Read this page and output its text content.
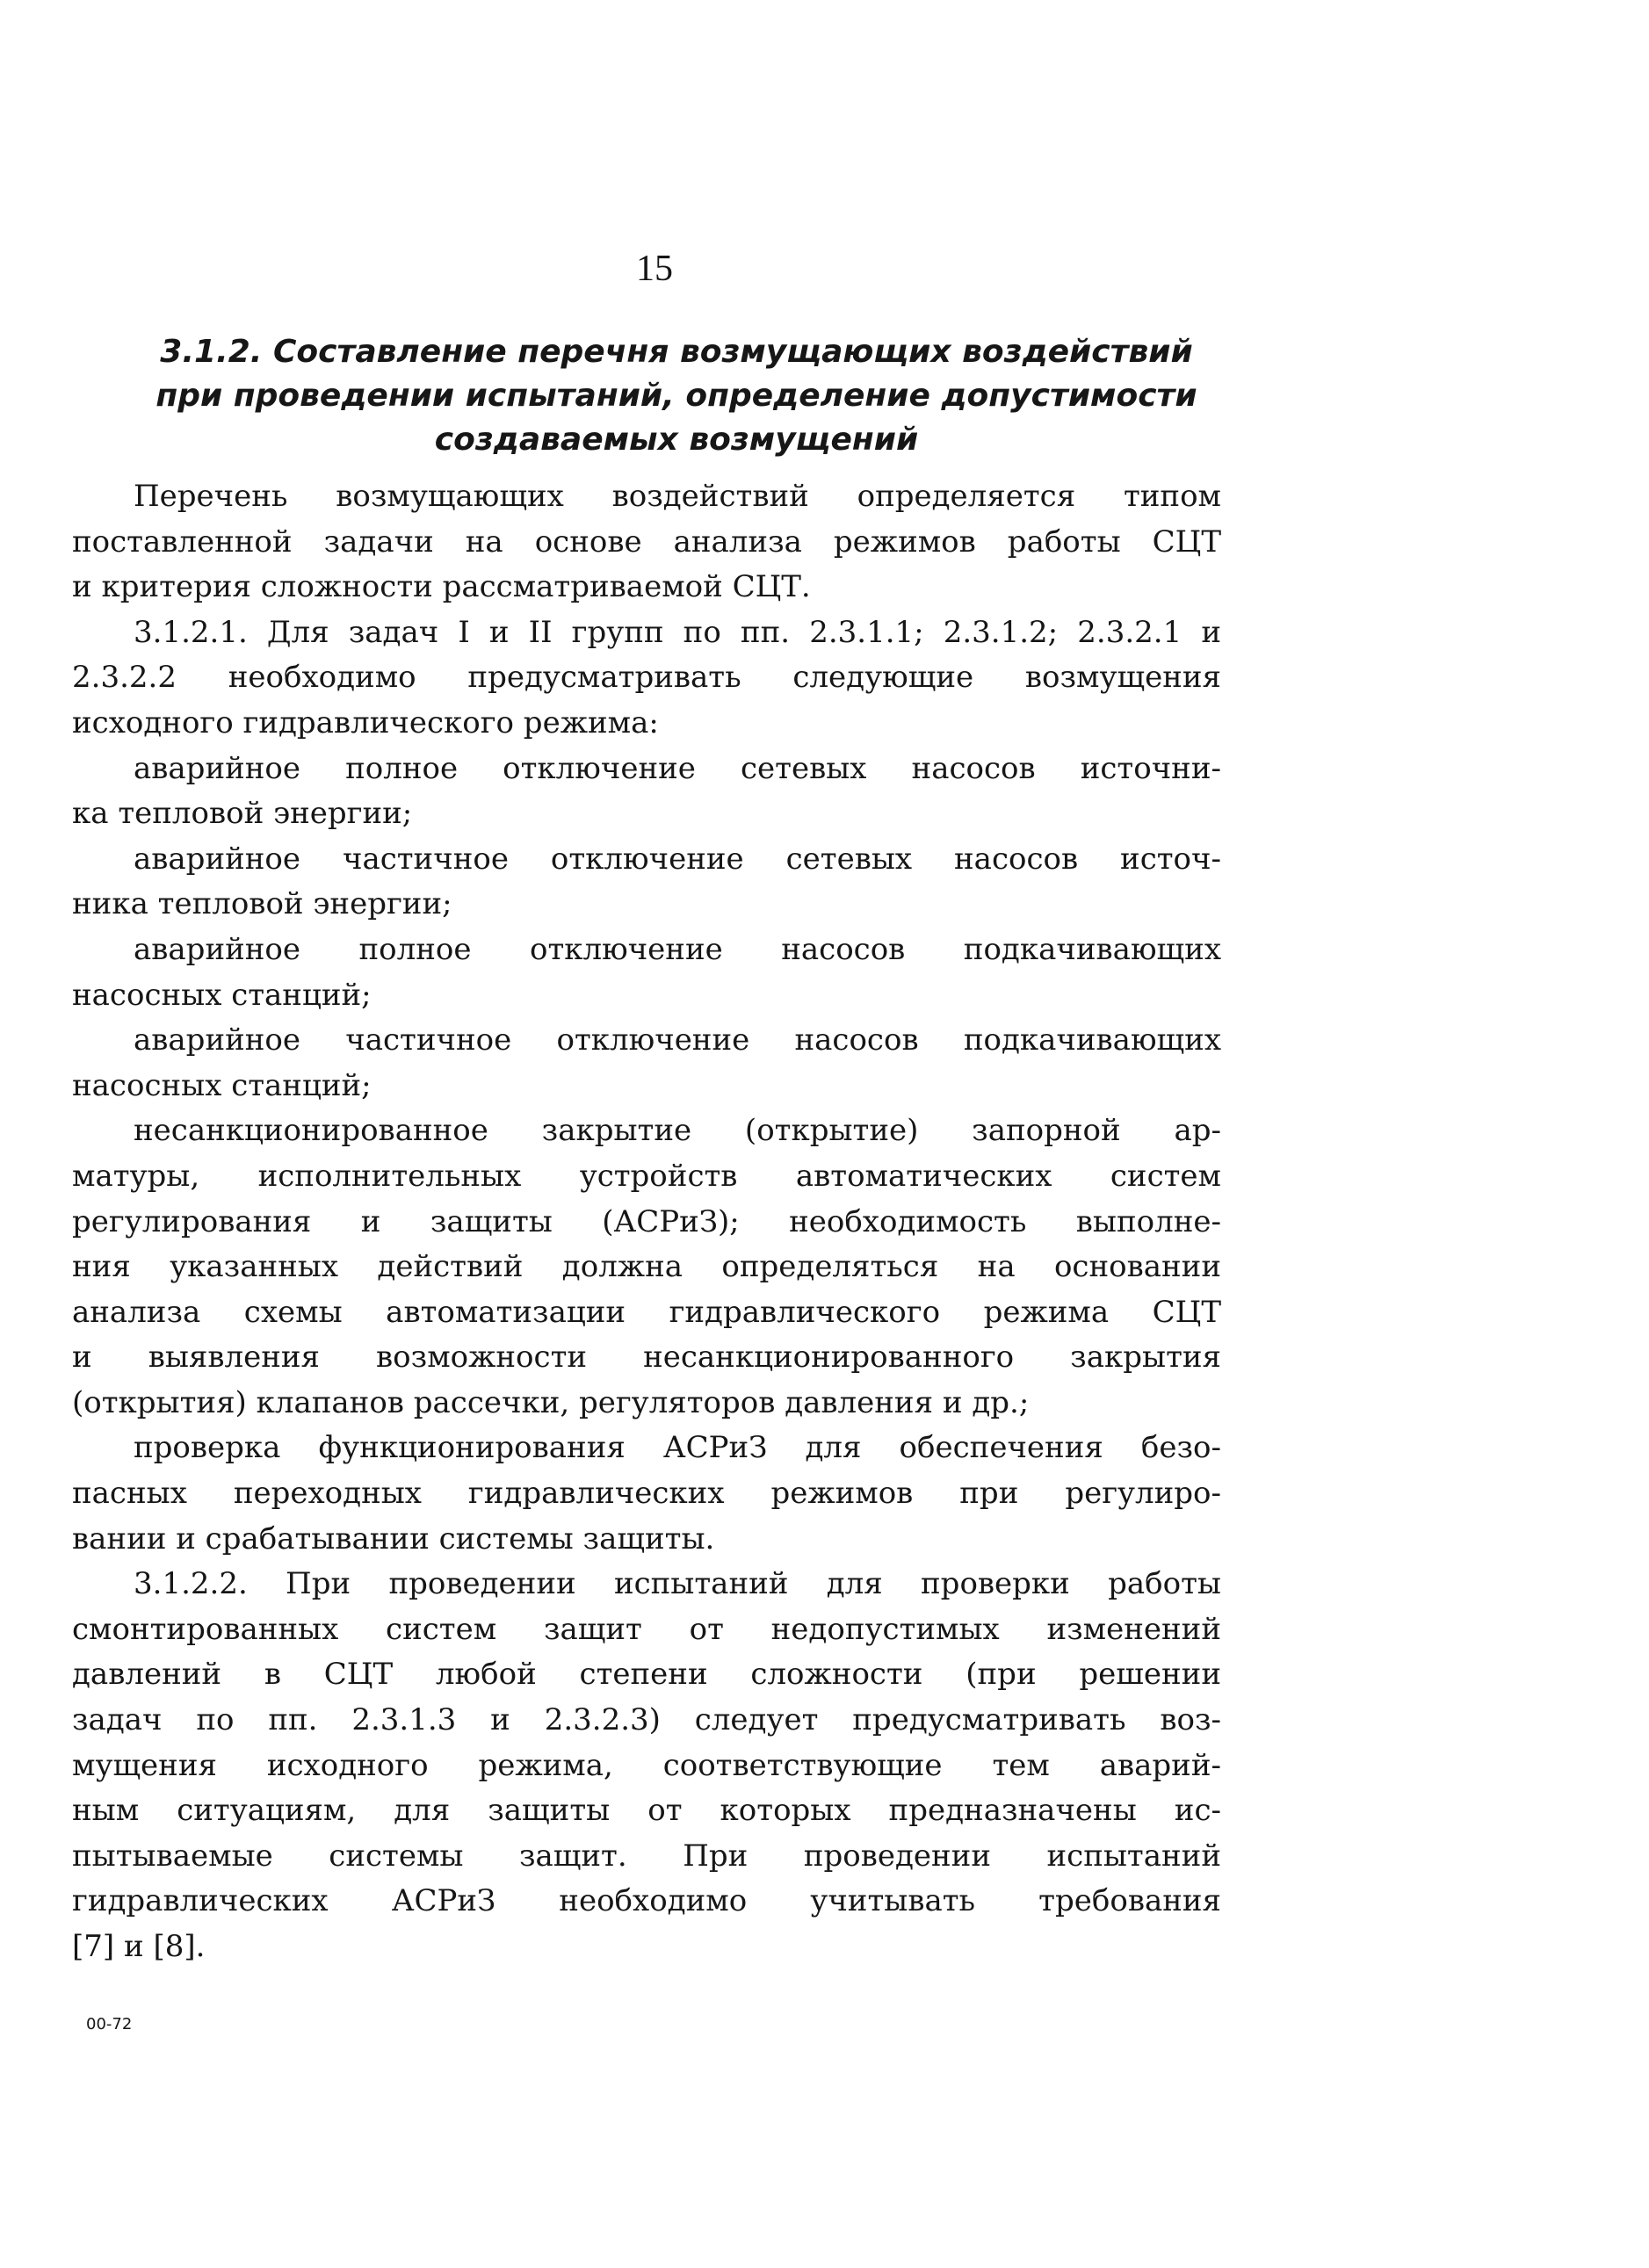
15
3.1.2. Составление перечня возмущающих воздействий
при проведении испытаний, определение допустимости
создаваемых возмущений
Перечень возмущающих воздействий определяется типом
поставленной задачи на основе анализа режимов работы СЦТ
и критерия сложности рассматриваемой СЦТ.
3.1.2.1. Для задач I и II групп по пп. 2.3.1.1; 2.3.1.2; 2.3.2.1 и
2.3.2.2 необходимо предусматривать следующие возмущения
исходного гидравлического режима:
аварийное полное отключение сетевых насосов источни-
ка тепловой энергии;
аварийное частичное отключение сетевых насосов источ-
ника тепловой энергии;
аварийное полное отключение насосов подкачивающих
насосных станций;
аварийное частичное отключение насосов подкачивающих
насосных станций;
несанкционированное закрытие (открытие) запорной ар-
матуры, исполнительных устройств автоматических систем
регулирования и защиты (АСРиЗ); необходимость выполне-
ния указанных действий должна определяться на основании
анализа схемы автоматизации гидравлического режима СЦТ
и выявления возможности несанкционированного закрытия
(открытия) клапанов рассечки, регуляторов давления и др.;
проверка функционирования АСРиЗ для обеспечения безо-
пасных переходных гидравлических режимов при регулиро-
вании и срабатывании системы защиты.
3.1.2.2. При проведении испытаний для проверки работы
смонтированных систем защит от недопустимых изменений
давлений в СЦТ любой степени сложности (при решении
задач по пп. 2.3.1.3 и 2.3.2.3) следует предусматривать воз-
мущения исходного режима, соответствующие тем аварий-
ным ситуациям, для защиты от которых предназначены ис-
пытываемые системы защит. При проведении испытаний
гидравлических АСРиЗ необходимо учитывать требования
[7] и [8].
00-72
